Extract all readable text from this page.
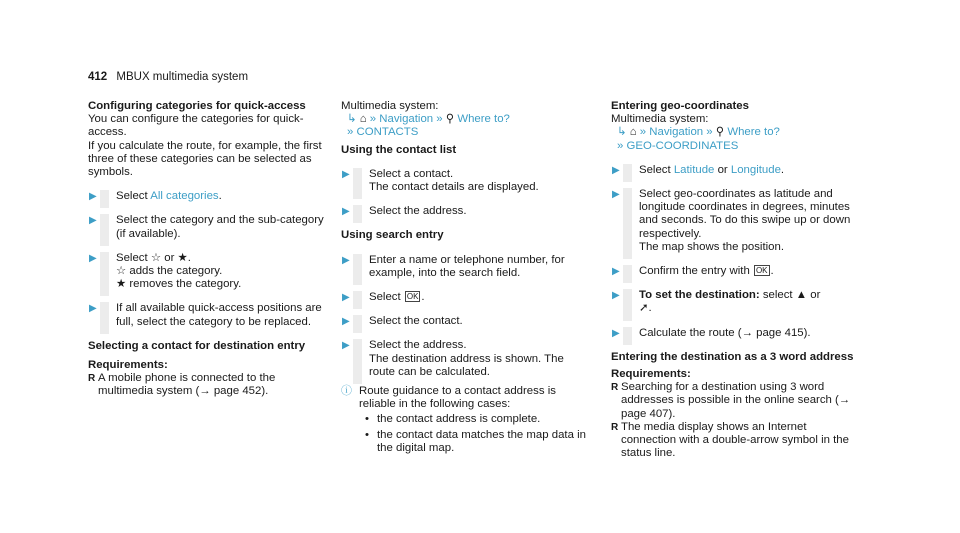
412 MBUX multimedia system

Configuring categories for quick-access

You can configure the categories for quick-access.

If you calculate the route, for example, the first three of these categories can be selected as symbols.

▶ Select All categories.
▶ Select the category and the sub-category (if available).
▶ Select ☆ or ★.
☆ adds the category.
★ removes the category.
▶ If all available quick-access positions are full, select the category to be replaced.

Selecting a contact for destination entry

Requirements:

R A mobile phone is connected to the multimedia system (→ page 452).

Multimedia system:

↳ ⌂ » Navigation » ⚲ Where to?
» CONTACTS

Using the contact list

▶ Select a contact.
The contact details are displayed.
▶ Select the address.

Using search entry

▶ Enter a name or telephone number, for example, into the search field.
▶ Select OK .
▶ Select the contact.
▶ Select the address.
The destination address is shown. The route can be calculated.
ⓘ Route guidance to a contact address is reliable in the following cases:
• the contact address is complete.
• the contact data matches the map data in the digital map.

Entering geo-coordinates

Multimedia system:

↳ ⌂ » Navigation » ⚲ Where to?
» GEO-COORDINATES
▶ Select Latitude or Longitude.
▶ Select geo-coordinates as latitude and longitude coordinates in degrees, minutes and seconds. To do this swipe up or down respectively.
The map shows the position.
▶ Confirm the entry with OK .
▶ To set the destination: select ▲ or
➚.
▶ Calculate the route (→ page 415).

Entering the destination as a 3 word address

Requirements:

R Searching for a destination using 3 word addresses is possible in the online search (→ page 407).
R The media display shows an Internet connection with a double-arrow symbol in the status line.
